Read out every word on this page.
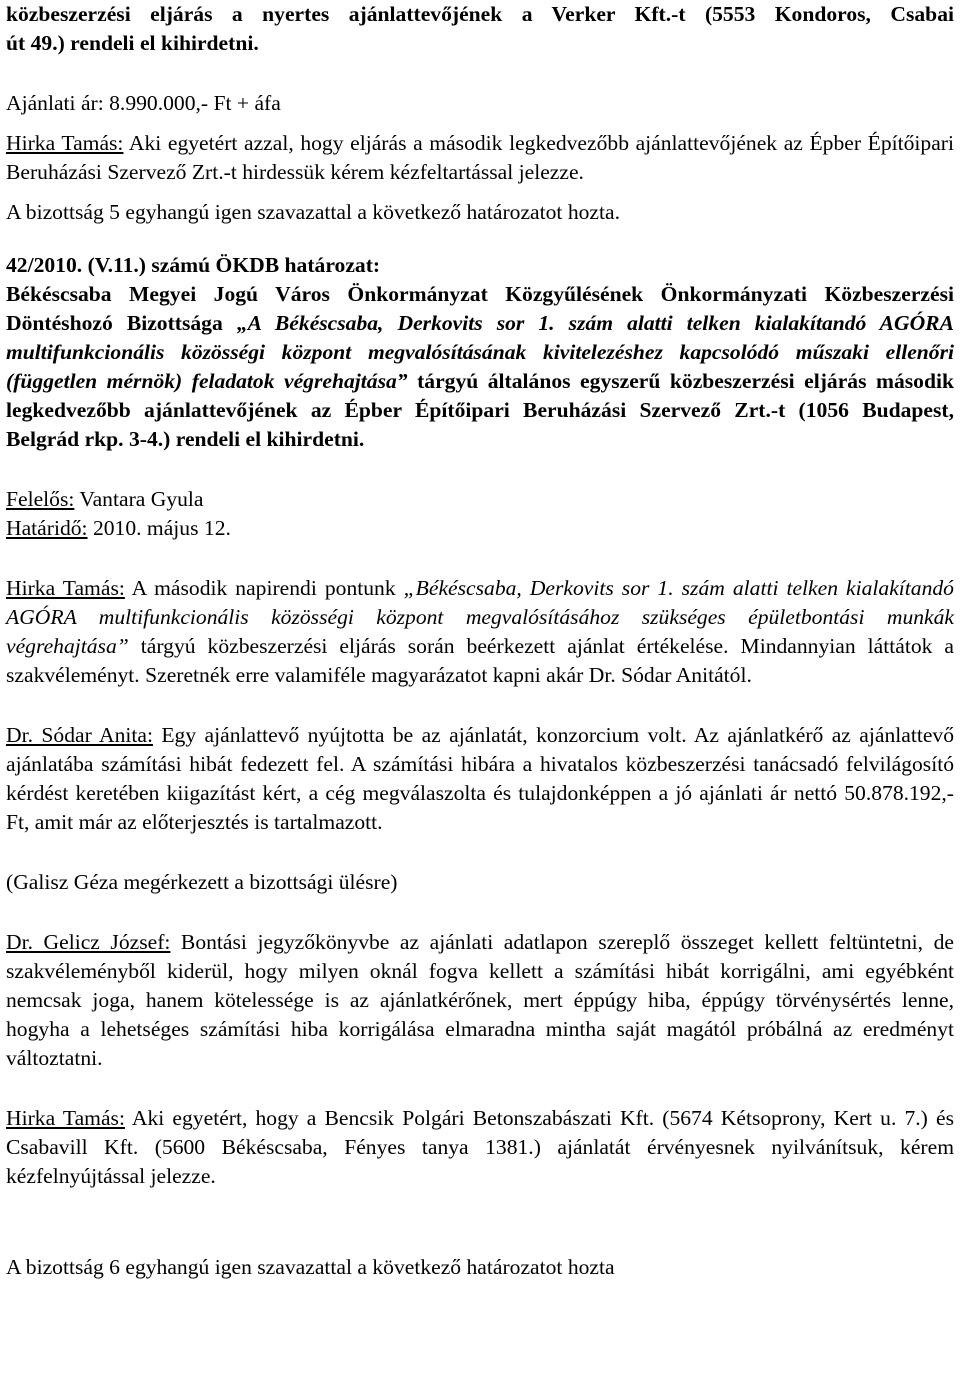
közbeszerzési eljárás a nyertes ajánlattevőjének a Verker Kft.-t (5553 Kondoros, Csabai

út 49.) rendeli el kihirdetni.

Ajánlati ár: 8.990.000,- Ft + áfa

Hirka Tamás: Aki egyetért azzal, hogy eljárás a második legkedvezőbb ajánlattevőjének az Épber Építőipari Beruházási Szervező Zrt.-t hirdessük kérem kézfeltartással jelezze.

A bizottság 5 egyhangú igen szavazattal a következő határozatot hozta.

42/2010. (V.11.) számú ÖKDB határozat:

Békéscsaba Megyei Jogú Város Önkormányzat Közgyűlésének Önkormányzati Közbeszerzési Döntéshozó Bizottsága „A Békéscsaba, Derkovits sor 1. szám alatti telken kialakítandó AGÓRA multifunkcionális közösségi központ megvalósításának kivitelezéshez kapcsolódó műszaki ellenőri (független mérnök) feladatok végrehajtása” tárgyú általános egyszerű közbeszerzési eljárás második legkedvezőbb ajánlattevőjének az Épber Építőipari Beruházási Szervező Zrt.-t (1056 Budapest, Belgrád rkp. 3-4.) rendeli el kihirdetni.

Felelős: Vantara Gyula

Határidő: 2010. május 12.

Hirka Tamás: A második napirendi pontunk „Békéscsaba, Derkovits sor 1. szám alatti telken kialakítandó AGÓRA multifunkcionális közösségi központ megvalósításához szükséges épületbontási munkák végrehajtása” tárgyú közbeszerzési eljárás során beérkezett ajánlat értékelése. Mindannyian láttátok a szakvéleményt. Szeretnék erre valamiféle magyarázatot kapni akár Dr. Sódar Anitától.

Dr. Sódar Anita: Egy ajánlattevő nyújtotta be az ajánlatát, konzorcium volt. Az ajánlatkérő az ajánlattevő ajánlatába számítási hibát fedezett fel. A számítási hibára a hivatalos közbeszerzési tanácsadó felvilágosító kérdést keretében kiigazítást kért, a cég megválaszolta és tulajdonképpen a jó ajánlati ár nettó 50.878.192,- Ft, amit már az előterjesztés is tartalmazott.

(Galisz Géza megérkezett a bizottsági ülésre)

Dr. Gelicz József: Bontási jegyzőkönyvbe az ajánlati adatlapon szereplő összeget kellett feltüntetni, de szakvéleményből kiderül, hogy milyen oknál fogva kellett a számítási hibát korrigálni, ami egyébként nemcsak joga, hanem kötelessége is az ajánlatkérőnek, mert éppúgy hiba, éppúgy törvénysértés lenne, hogyha a lehetséges számítási hiba korrigálása elmaradna mintha saját magától próbálná az eredményt változtatni.

Hirka Tamás: Aki egyetért, hogy a Bencsik Polgári Betonszabászati Kft. (5674 Kétsoprony, Kert u. 7.) és Csabavill Kft. (5600 Békéscsaba, Fényes tanya 1381.) ajánlatát érvényesnek nyilvánítsuk, kérem kézfelnyújtással jelezze.

A bizottság 6 egyhangú igen szavazattal a következő határozatot hozta
